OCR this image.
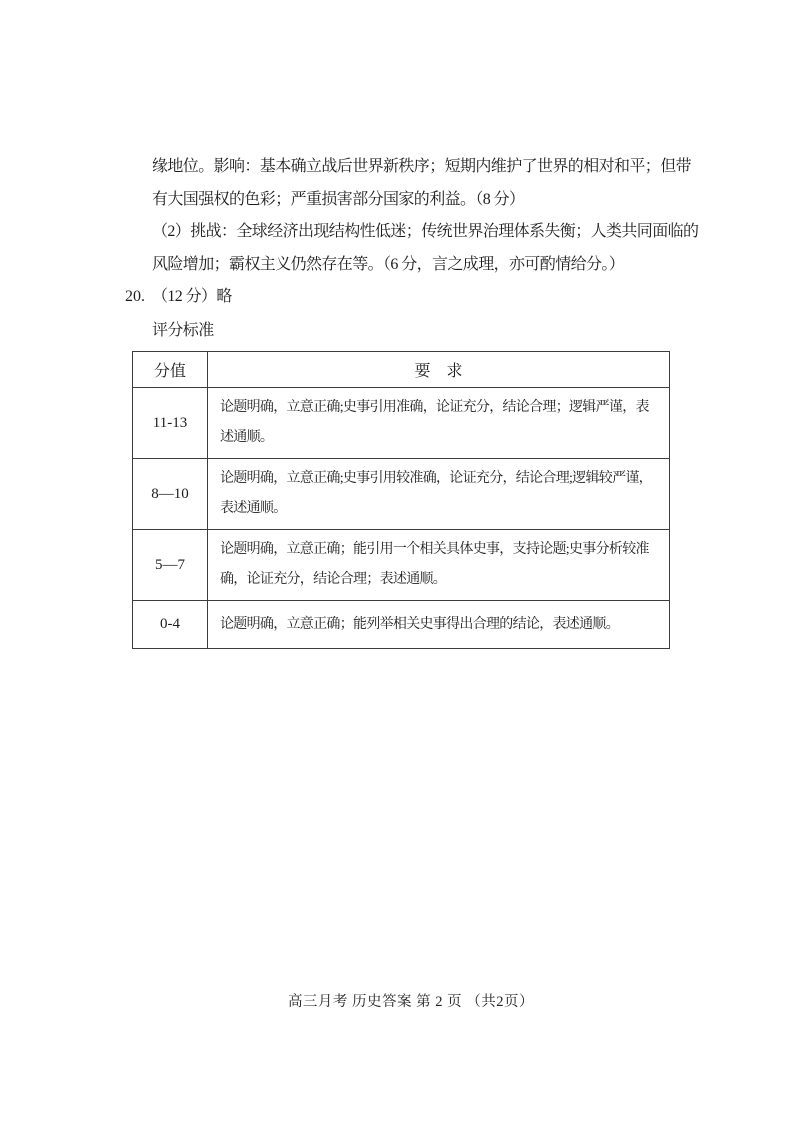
缘地位。影响：基本确立战后世界新秩序；短期内维护了世界的相对和平；但带
有大国强权的色彩；严重损害部分国家的利益。（8 分）
（2）挑战：全球经济出现结构性低迷；传统世界治理体系失衡；人类共同面临的
风险增加；霸权主义仍然存在等。（6 分，言之成理，亦可酌情给分。）
20. （12 分）略
评分标准
分值	要　求
11-13	论题明确，立意正确;史事引用准确，论证充分，结论合理；逻辑严谨，表述通顺。
8—10	论题明确，立意正确;史事引用较准确，论证充分，结论合理;逻辑较严谨，表述通顺。
5—7	论题明确，立意正确；能引用一个相关具体史事，支持论题;史事分析较准确，论证充分，结论合理；表述通顺。
0-4	论题明确，立意正确；能列举相关史事得出合理的结论，表述通顺。
高三月考 历史答案 第 2 页 （共2页）
